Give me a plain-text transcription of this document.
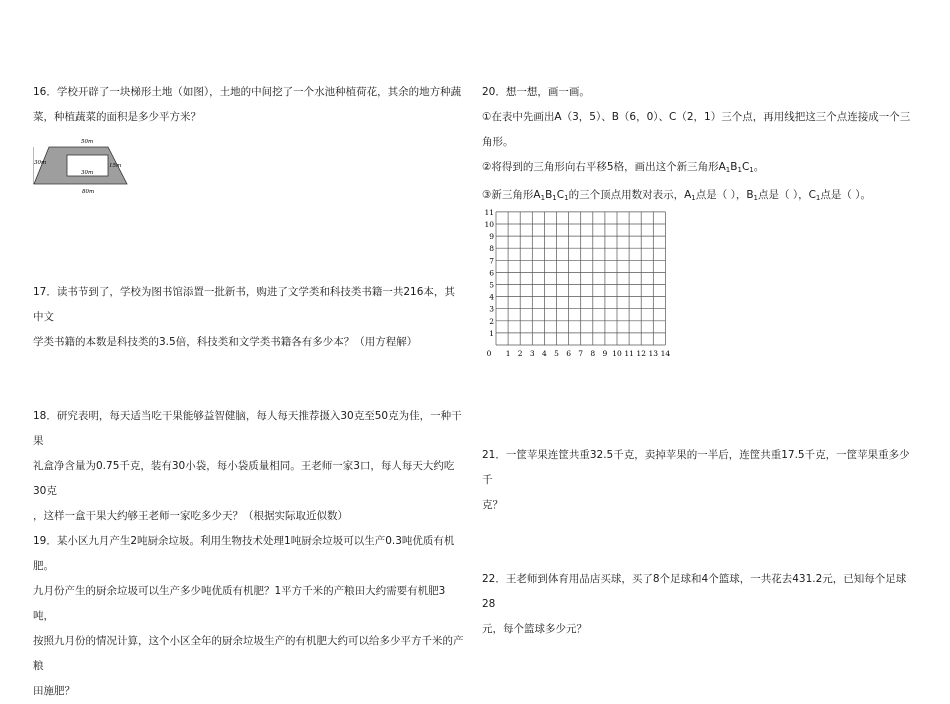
16．学校开辟了一块梯形土地（如图），土地的中间挖了一个水池种植荷花，其余的地方种蔬

菜，种植蔬菜的面积是多少平方米？

50m
30m
30m
15m
80m

17．读书节到了，学校为图书馆添置一批新书，购进了文学类和科技类书籍一共216本，其中文

学类书籍的本数是科技类的3.5倍，科技类和文学类书籍各有多少本？（用方程解）

18．研究表明，每天适当吃干果能够益智健脑，每人每天推荐摄入30克至50克为佳，一种干果

礼盒净含量为0.75千克，装有30小袋，每小袋质量相同。王老师一家3口，每人每天大约吃30克

，这样一盒干果大约够王老师一家吃多少天？（根据实际取近似数）

19．某小区九月产生2吨厨余垃圾。利用生物技术处理1吨厨余垃圾可以生产0.3吨优质有机肥。

九月份产生的厨余垃圾可以生产多少吨优质有机肥？1平方千米的产粮田大约需要有机肥3吨，

按照九月份的情况计算，这个小区全年的厨余垃圾生产的有机肥大约可以给多少平方千米的产粮

田施肥？

20．想一想，画一画。

①在表中先画出A（3，5）、B（6，0）、C（2，1）三个点，再用线把这三个点连接成一个三

角形。

②将得到的三角形向右平移5格，画出这个新三角形$A_1B_1C_1$。

③新三角形$A_1B_1C_1$的三个顶点用数对表示，$A_1$点是（ ），$B_1$点是（ ），$C_1$点是（ ）。

0 1 2 3 4 5 6 7 8 9 10 11 12 13 14
1
2
3
4
5
6
7
8
9
10
11

21．一筐苹果连筐共重32.5千克，卖掉苹果的一半后，连筐共重17.5千克，一筐苹果重多少千

克？

22．王老师到体育用品店买球，买了8个足球和4个篮球，一共花去431.2元，已知每个足球28

元，每个篮球多少元？
